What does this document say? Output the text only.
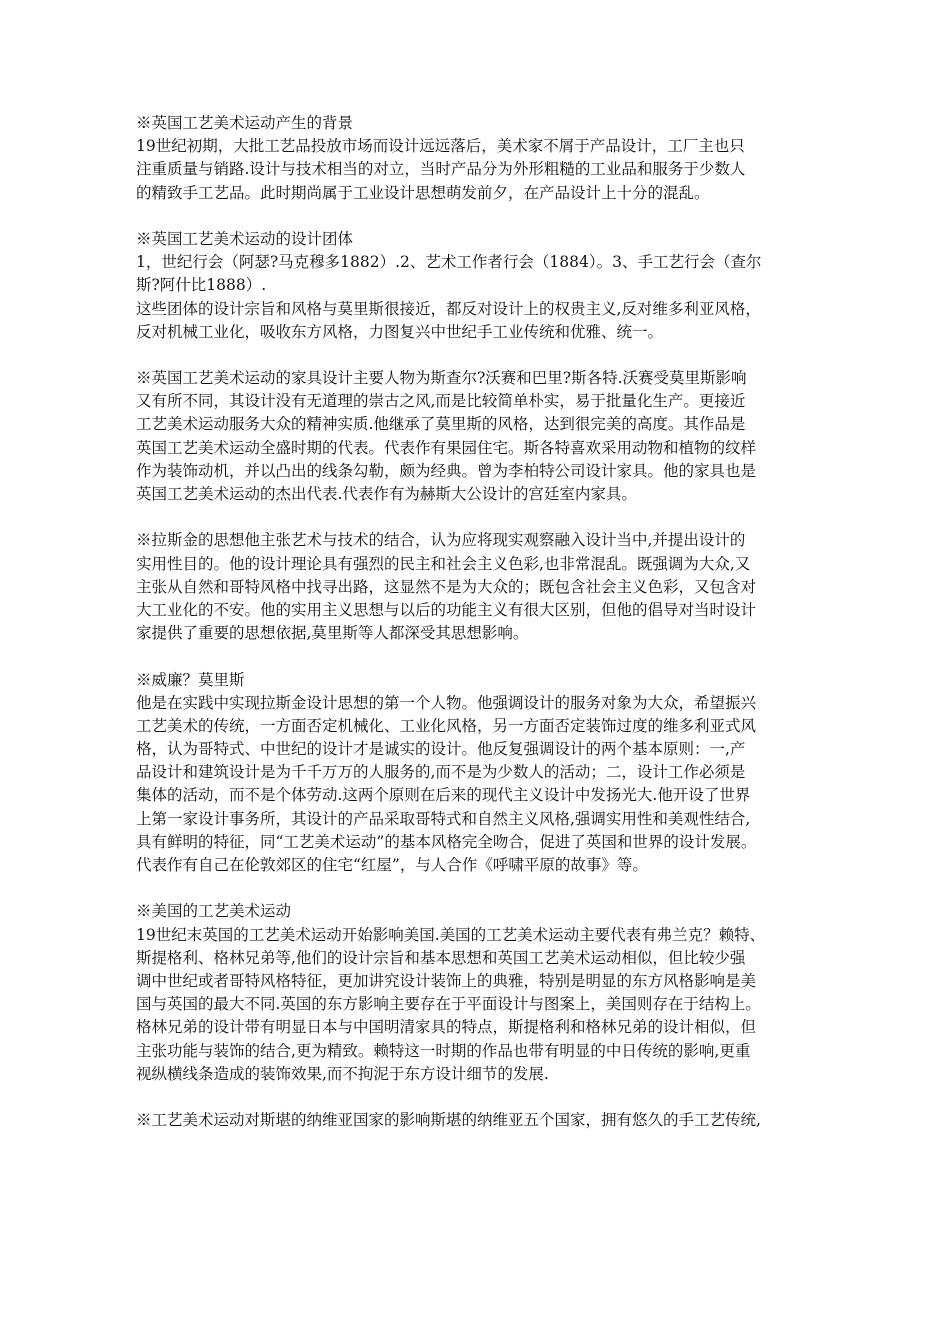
※英国工艺美术运动产生的背景
19世纪初期，大批工艺品投放市场而设计远远落后，美术家不屑于产品设计，工厂主也只
注重质量与销路.设计与技术相当的对立，当时产品分为外形粗糙的工业品和服务于少数人
的精致手工艺品。此时期尚属于工业设计思想萌发前夕，在产品设计上十分的混乱。
※英国工艺美术运动的设计团体
1，世纪行会（阿瑟?马克穆多1882）.2、艺术工作者行会（1884）。3、手工艺行会（查尔
斯?阿什比1888）.
这些团体的设计宗旨和风格与莫里斯很接近，都反对设计上的权贵主义,反对维多利亚风格，
反对机械工业化，吸收东方风格，力图复兴中世纪手工业传统和优雅、统一。
※英国工艺美术运动的家具设计主要人物为斯查尔?沃赛和巴里?斯各特.沃赛受莫里斯影响
又有所不同，其设计没有无道理的崇古之风,而是比较简单朴实，易于批量化生产。更接近
工艺美术运动服务大众的精神实质.他继承了莫里斯的风格，达到很完美的高度。其作品是
英国工艺美术运动全盛时期的代表。代表作有果园住宅。斯各特喜欢采用动物和植物的纹样
作为装饰动机，并以凸出的线条勾勒，颇为经典。曾为李柏特公司设计家具。他的家具也是
英国工艺美术运动的杰出代表.代表作有为赫斯大公设计的宫廷室内家具。
※拉斯金的思想他主张艺术与技术的结合，认为应将现实观察融入设计当中,并提出设计的
实用性目的。他的设计理论具有强烈的民主和社会主义色彩,也非常混乱。既强调为大众,又
主张从自然和哥特风格中找寻出路，这显然不是为大众的；既包含社会主义色彩，又包含对
大工业化的不安。他的实用主义思想与以后的功能主义有很大区别，但他的倡导对当时设计
家提供了重要的思想依据,莫里斯等人都深受其思想影响。
※威廉？莫里斯
他是在实践中实现拉斯金设计思想的第一个人物。他强调设计的服务对象为大众，希望振兴
工艺美术的传统，一方面否定机械化、工业化风格，另一方面否定装饰过度的维多利亚式风
格，认为哥特式、中世纪的设计才是诚实的设计。他反复强调设计的两个基本原则：一,产
品设计和建筑设计是为千千万万的人服务的,而不是为少数人的活动；二，设计工作必须是
集体的活动，而不是个体劳动.这两个原则在后来的现代主义设计中发扬光大.他开设了世界
上第一家设计事务所，其设计的产品采取哥特式和自然主义风格,强调实用性和美观性结合,
具有鲜明的特征，同“工艺美术运动”的基本风格完全吻合，促进了英国和世界的设计发展。
代表作有自己在伦敦郊区的住宅“红屋”，与人合作《呼啸平原的故事》等。
※美国的工艺美术运动
19世纪末英国的工艺美术运动开始影响美国.美国的工艺美术运动主要代表有弗兰克？赖特、
斯提格利、格林兄弟等,他们的设计宗旨和基本思想和英国工艺美术运动相似，但比较少强
调中世纪或者哥特风格特征，更加讲究设计装饰上的典雅，特别是明显的东方风格影响是美
国与英国的最大不同.英国的东方影响主要存在于平面设计与图案上，美国则存在于结构上。
格林兄弟的设计带有明显日本与中国明清家具的特点，斯提格利和格林兄弟的设计相似，但
主张功能与装饰的结合,更为精致。赖特这一时期的作品也带有明显的中日传统的影响,更重
视纵横线条造成的装饰效果,而不拘泥于东方设计细节的发展.
※工艺美术运动对斯堪的纳维亚国家的影响斯堪的纳维亚五个国家，拥有悠久的手工艺传统,
